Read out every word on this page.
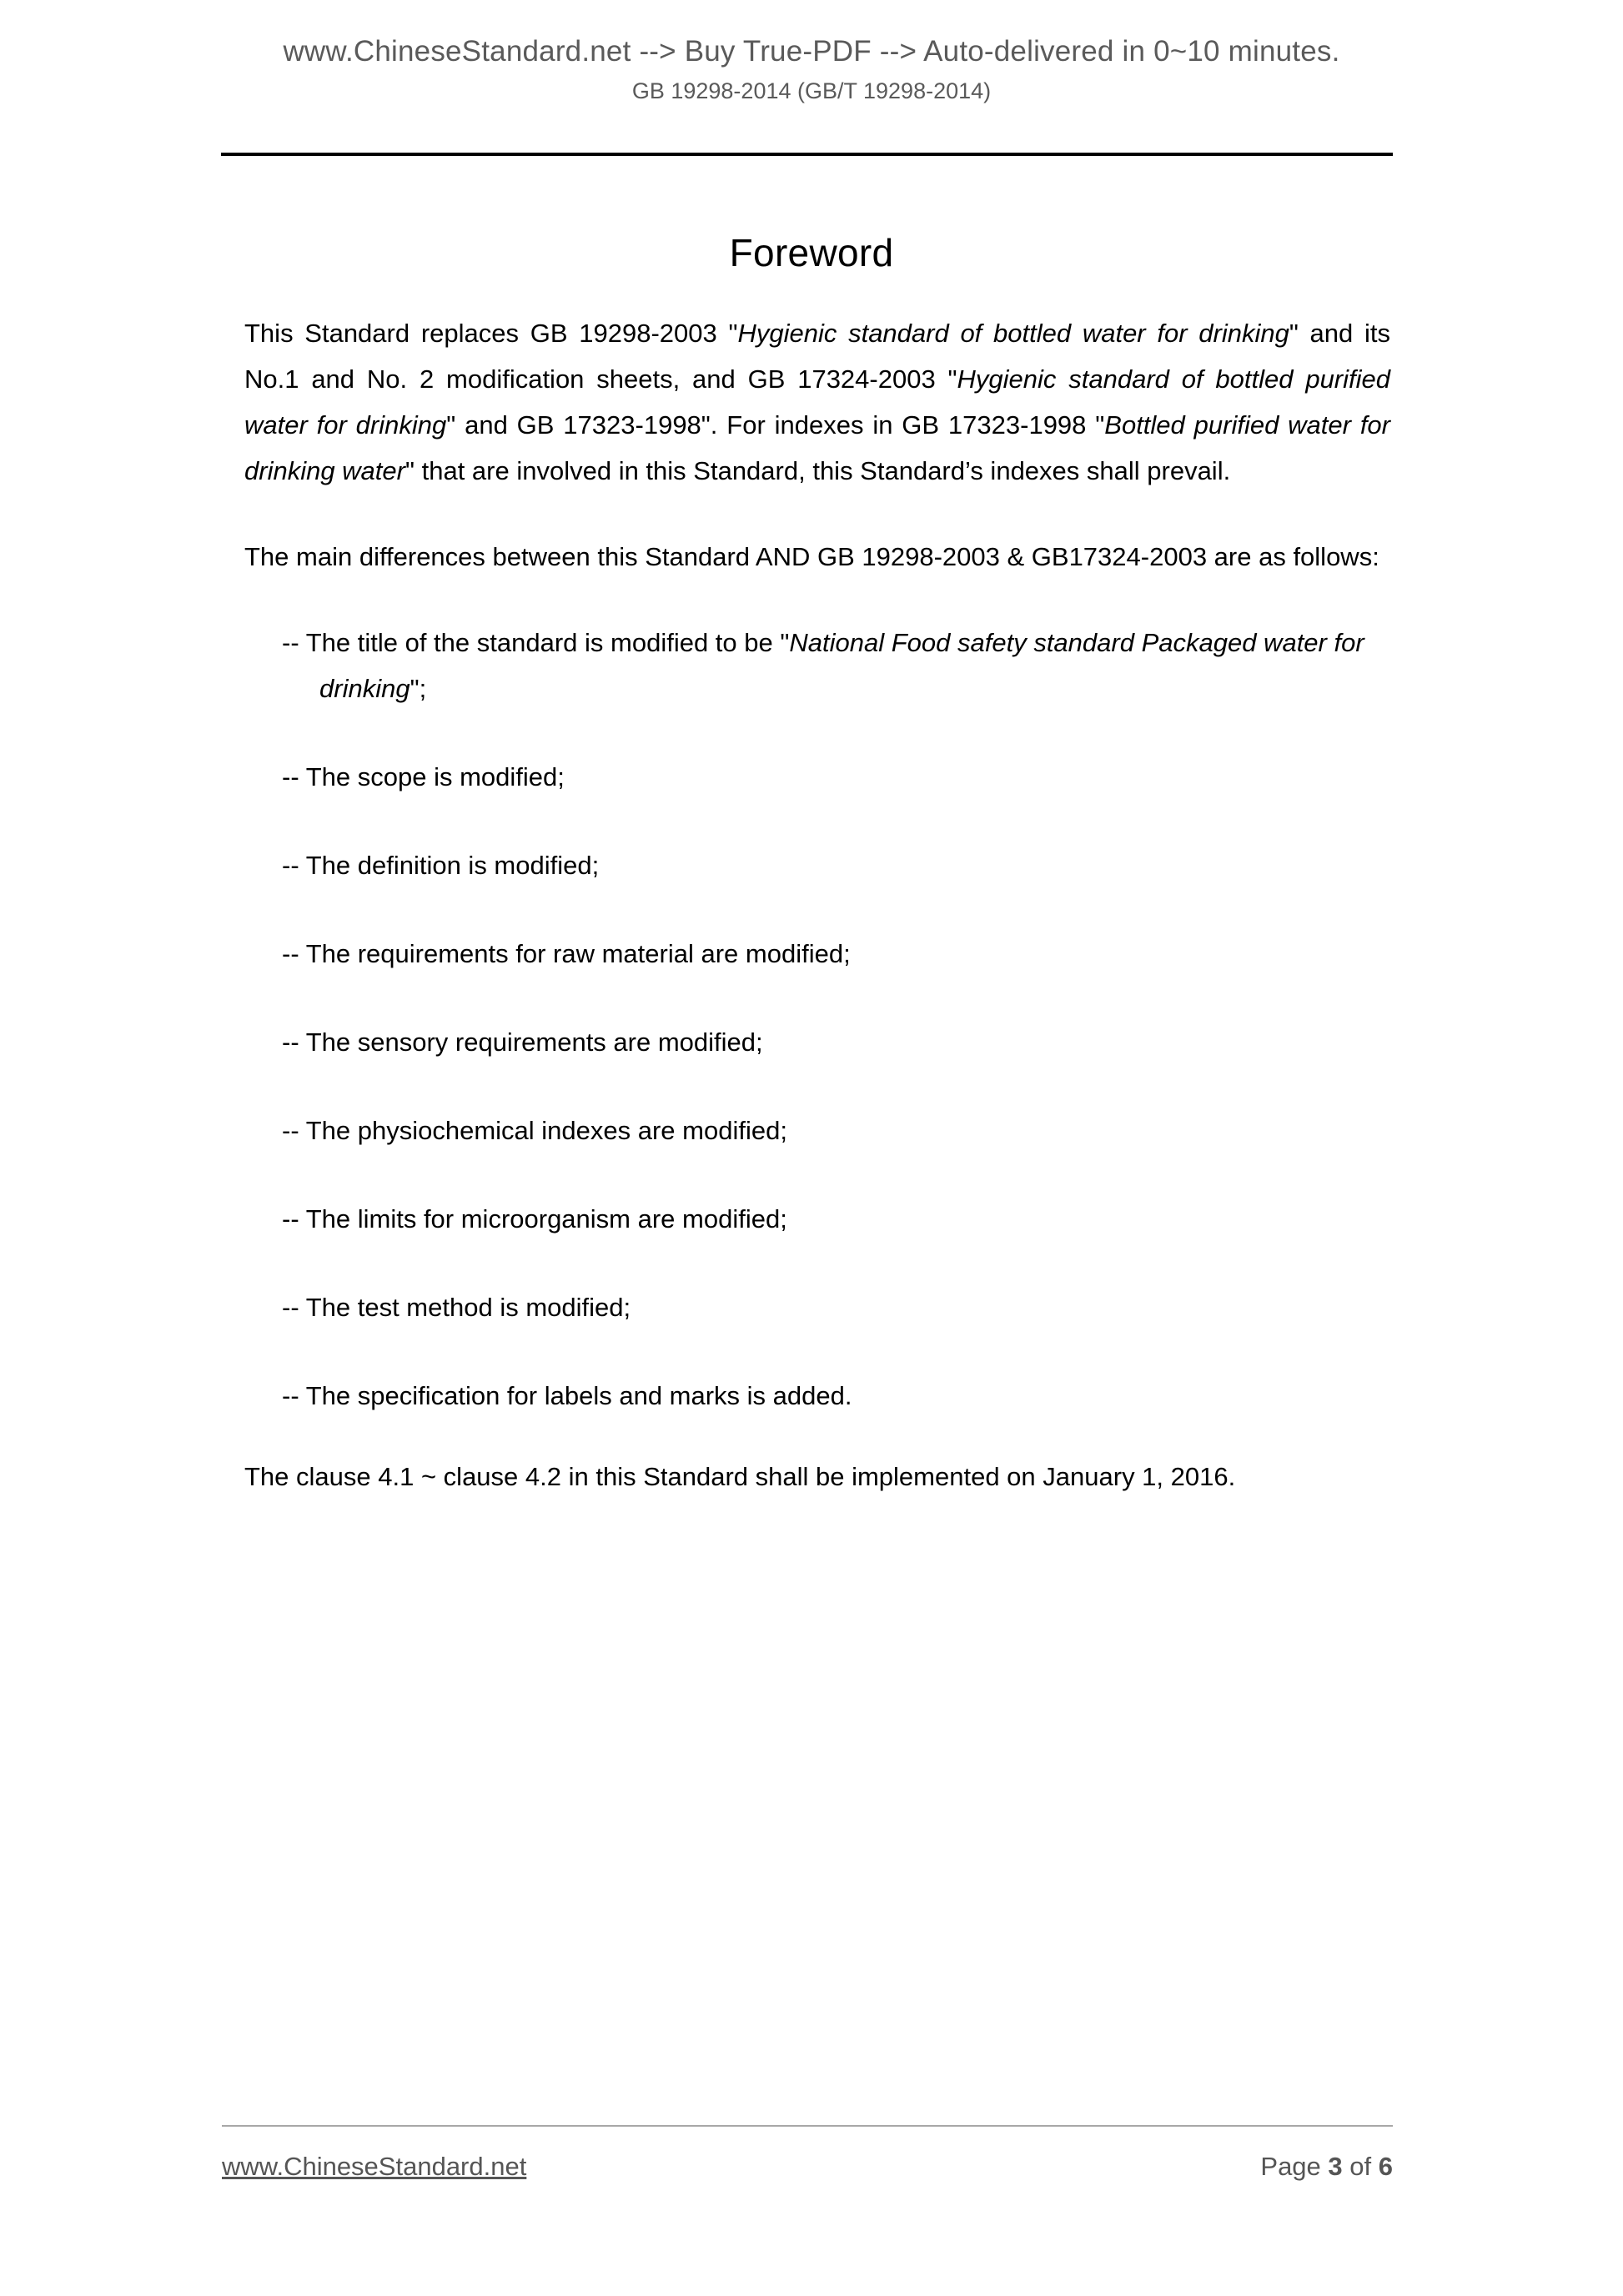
www.ChineseStandard.net --> Buy True-PDF --> Auto-delivered in 0~10 minutes.
GB 19298-2014 (GB/T 19298-2014)
Foreword

This Standard replaces GB 19298-2003 "Hygienic standard of bottled water for drinking" and its No.1 and No. 2 modification sheets, and GB 17324-2003 "Hygienic standard of bottled purified water for drinking" and GB 17323-1998". For indexes in GB 17323-1998 "Bottled purified water for drinking water" that are involved in this Standard, this Standard’s indexes shall prevail.

The main differences between this Standard AND GB 19298-2003 & GB17324-2003 are as follows:

-- The title of the standard is modified to be "National Food safety standard Packaged water for drinking";
-- The scope is modified;
-- The definition is modified;
-- The requirements for raw material are modified;
-- The sensory requirements are modified;
-- The physiochemical indexes are modified;
-- The limits for microorganism are modified;
-- The test method is modified;
-- The specification for labels and marks is added.

The clause 4.1 ~ clause 4.2 in this Standard shall be implemented on January 1, 2016.

www.ChineseStandard.net	Page 3 of 6
